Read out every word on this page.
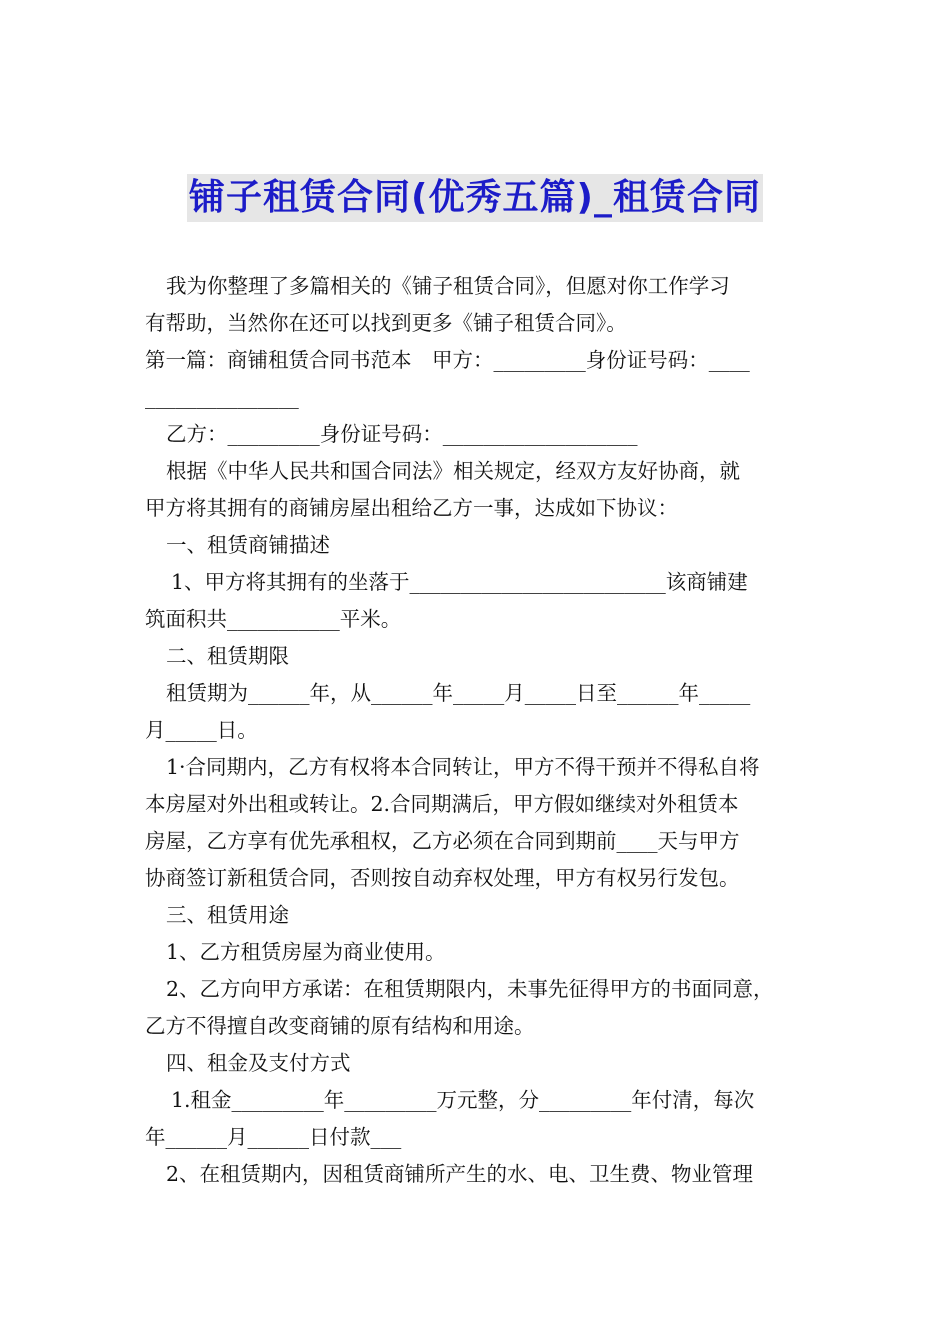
铺子租赁合同(优秀五篇)_租赁合同
我为你整理了多篇相关的《铺子租赁合同》，但愿对你工作学习
有帮助，当然你在还可以找到更多《铺子租赁合同》。
第一篇：商铺租赁合同书范本　甲方：_________身份证号码：____
_______________
乙方：_________身份证号码：___________________
根据《中华人民共和国合同法》相关规定，经双方友好协商，就
甲方将其拥有的商铺房屋出租给乙方一事，达成如下协议：
一、租赁商铺描述
1、甲方将其拥有的坐落于_________________________该商铺建
筑面积共___________平米。
二、租赁期限
租赁期为______年，从______年_____月_____日至______年_____
月_____日。
1·合同期内，乙方有权将本合同转让，甲方不得干预并不得私自将
本房屋对外出租或转让。2.合同期满后，甲方假如继续对外租赁本
房屋，乙方享有优先承租权，乙方必须在合同到期前____天与甲方
协商签订新租赁合同，否则按自动弃权处理，甲方有权另行发包。
三、租赁用途
1、乙方租赁房屋为商业使用。
2、乙方向甲方承诺：在租赁期限内，未事先征得甲方的书面同意，
乙方不得擅自改变商铺的原有结构和用途。
四、租金及支付方式
1.租金_________年_________万元整，分_________年付清，每次
年______月______日付款___
2、在租赁期内，因租赁商铺所产生的水、电、卫生费、物业管理
